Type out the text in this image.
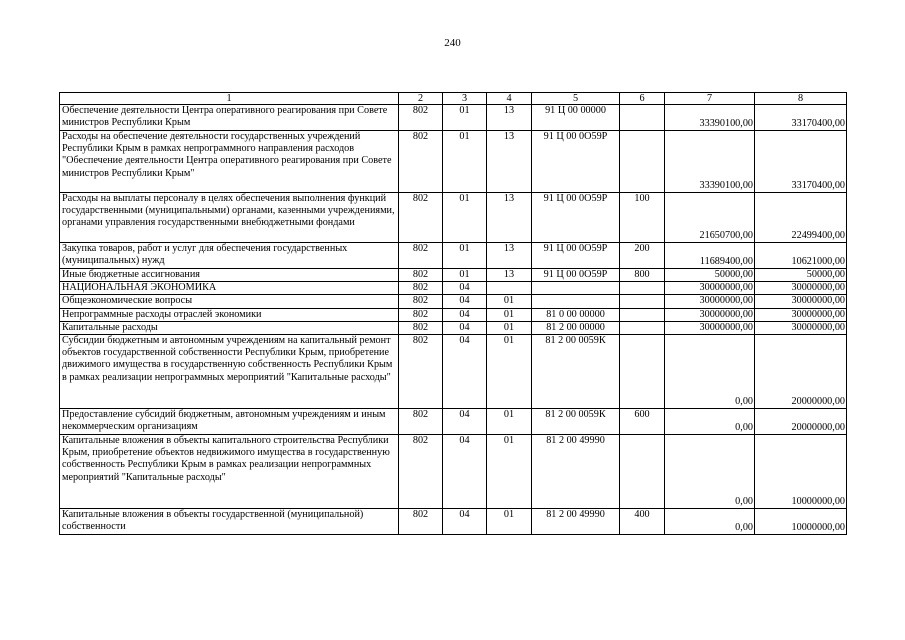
240
1	2	3	4	5	6	7	8
Обеспечение деятельности Центра оперативного реагирования при Совете министров Республики Крым	802	01	13	91 Ц 00 00000		33390100,00	33170400,00
Расходы на обеспечение деятельности государственных учреждений Республики Крым в рамках непрограммного направления расходов "Обеспечение деятельности Центра оперативного реагирования при Совете министров Республики Крым"	802	01	13	91 Ц 00 0О59Р		33390100,00	33170400,00
Расходы на выплаты персоналу в целях обеспечения выполнения функций государственными (муниципальными) органами, казенными учреждениями, органами управления государственными внебюджетными фондами	802	01	13	91 Ц 00 0О59Р	100	21650700,00	22499400,00
Закупка товаров, работ и услуг для обеспечения государственных (муниципальных) нужд	802	01	13	91 Ц 00 0О59Р	200	11689400,00	10621000,00
Иные бюджетные ассигнования	802	01	13	91 Ц 00 0О59Р	800	50000,00	50000,00
НАЦИОНАЛЬНАЯ ЭКОНОМИКА	802	04				30000000,00	30000000,00
Общеэкономические вопросы	802	04	01			30000000,00	30000000,00
Непрограммные расходы отраслей экономики	802	04	01	81 0 00 00000		30000000,00	30000000,00
Капитальные расходы	802	04	01	81 2 00 00000		30000000,00	30000000,00
Субсидии бюджетным и автономным учреждениям на капитальный ремонт объектов государственной собственности Республики Крым, приобретение движимого имущества в государственную собственность Республики Крым в рамках реализации непрограммных мероприятий "Капитальные расходы"	802	04	01	81 2 00 0059К		0,00	20000000,00
Предоставление субсидий бюджетным, автономным учреждениям и иным некоммерческим организациям	802	04	01	81 2 00 0059К	600	0,00	20000000,00
Капитальные вложения в объекты капитального строительства Республики Крым, приобретение объектов недвижимого имущества в государственную собственность Республики Крым в рамках реализации непрограммных мероприятий "Капитальные расходы"	802	04	01	81 2 00 49990		0,00	10000000,00
Капитальные вложения в объекты государственной (муниципальной) собственности	802	04	01	81 2 00 49990	400	0,00	10000000,00
